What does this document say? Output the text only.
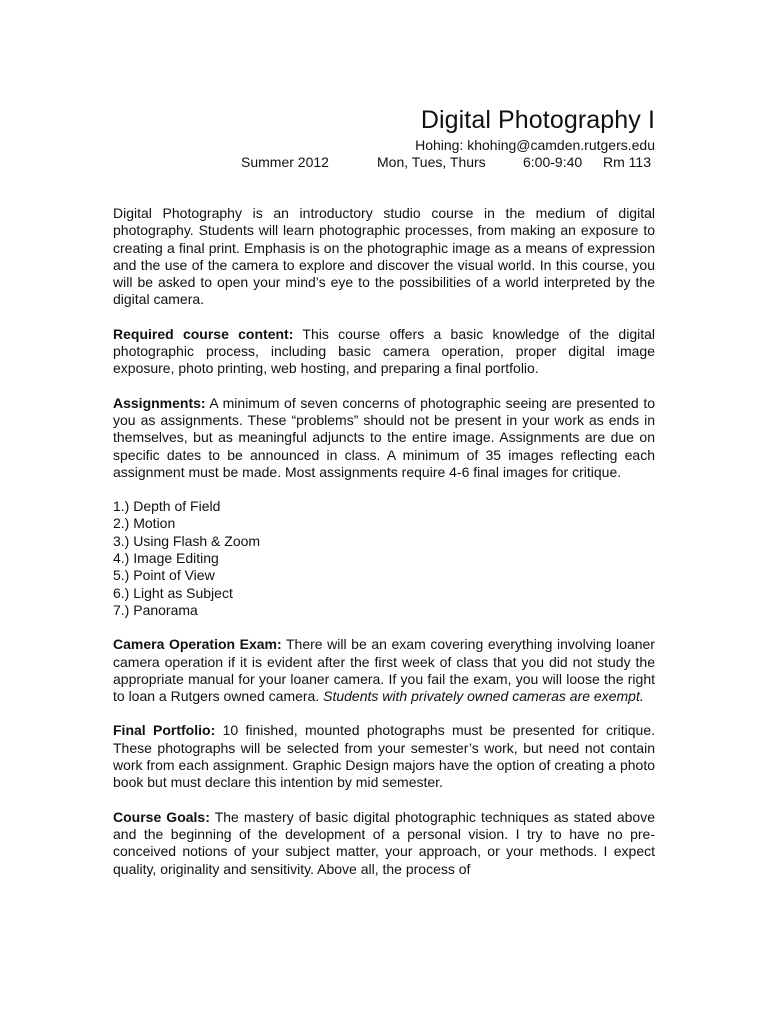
Digital Photography I

Hohing: khohing@camden.rutgers.edu

Summer 2012	Mon, Tues, Thurs	6:00-9:40 Rm 113

Digital Photography is an introductory studio course in the medium of digital photography. Students will learn photographic processes, from making an exposure to creating a final print. Emphasis is on the photographic image as a means of expression and the use of the camera to explore and discover the visual world. In this course, you will be asked to open your mind’s eye to the possibilities of a world interpreted by the digital camera.

Required course content: This course offers a basic knowledge of the digital photographic process, including basic camera operation, proper digital image exposure, photo printing, web hosting, and preparing a final portfolio.

Assignments: A minimum of seven concerns of photographic seeing are presented to you as assignments. These “problems” should not be present in your work as ends in themselves, but as meaningful adjuncts to the entire image. Assignments are due on specific dates to be announced in class. A minimum of 35 images reflecting each assignment must be made. Most assignments require 4-6 final images for critique.

1.) Depth of Field
2.) Motion
3.) Using Flash & Zoom
4.) Image Editing
5.) Point of View
6.) Light as Subject
7.) Panorama

Camera Operation Exam: There will be an exam covering everything involving loaner camera operation if it is evident after the first week of class that you did not study the appropriate manual for your loaner camera. If you fail the exam, you will loose the right to loan a Rutgers owned camera. Students with privately owned cameras are exempt.

Final Portfolio: 10 finished, mounted photographs must be presented for critique. These photographs will be selected from your semester’s work, but need not contain work from each assignment. Graphic Design majors have the option of creating a photo book but must declare this intention by mid semester.

Course Goals: The mastery of basic digital photographic techniques as stated above and the beginning of the development of a personal vision. I try to have no pre-conceived notions of your subject matter, your approach, or your methods. I expect quality, originality and sensitivity. Above all, the process of
